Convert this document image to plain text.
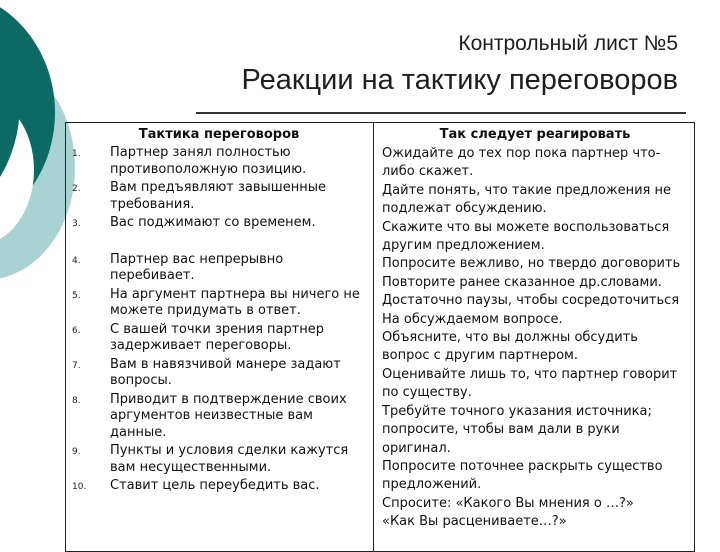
Контрольный лист №5
Реакции на тактику переговоров
Тактика переговоров	Так следует реагировать
1. Партнер занял полностью противоположную позицию.
2. Вам предъявляют завышенные требования.
3. Вас поджимают со временем.
4. Партнер вас непрерывно перебивает.
5. На аргумент партнера вы ничего не можете придумать в ответ.
6. С вашей точки зрения партнер задерживает переговоры.
7. Вам в навязчивой манере задают вопросы.
8. Приводит в подтверждение своих аргументов неизвестные вам данные.
9. Пункты и условия сделки кажутся вам несущественными.
10. Ставит цель переубедить вас.
Ожидайте до тех пор пока партнер что-
либо скажет.
Дайте понять, что такие предложения не
подлежат обсуждению.
Скажите что вы можете воспользоваться
другим предложением.
Попросите вежливо, но твердо договорить
Повторите ранее сказанное др.словами.
Достаточно паузы, чтобы сосредоточиться
На обсуждаемом вопросе.
Объясните, что вы должны обсудить
вопрос с другим партнером.
Оценивайте лишь то, что партнер говорит
по существу.
Требуйте точного указания источника;
попросите, чтобы вам дали в руки
оригинал.
Попросите поточнее раскрыть существо
предложений.
Спросите: «Какого Вы мнения о …?»
«Как Вы расцениваете…?»
